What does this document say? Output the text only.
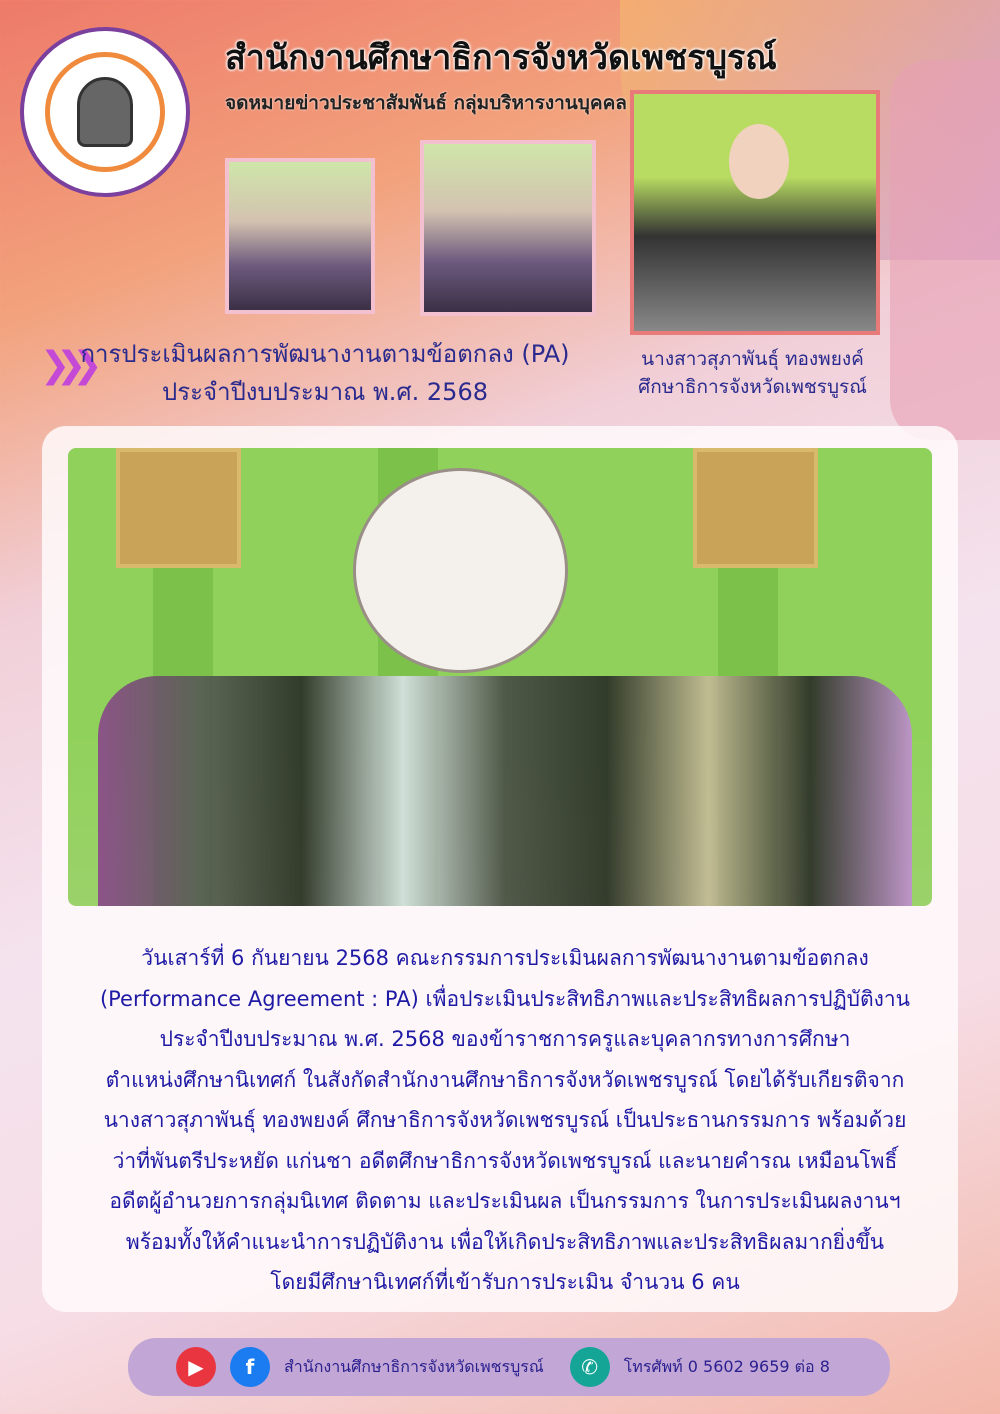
สำนักงานศึกษาธิการจังหวัดเพชรบูรณ์
จดหมายข่าวประชาสัมพันธ์ กลุ่มบริหารงานบุคคล
❯❯❯
การประเมินผลการพัฒนางานตามข้อตกลง (PA)
ประจำปีงบประมาณ พ.ศ. 2568
นางสาวสุภาพันธุ์ ทองพยงค์
ศึกษาธิการจังหวัดเพชรบูรณ์
วันเสาร์ที่ 6 กันยายน 2568 คณะกรรมการประเมินผลการพัฒนางานตามข้อตกลง
(Performance Agreement : PA) เพื่อประเมินประสิทธิภาพและประสิทธิผลการปฏิบัติงาน
ประจำปีงบประมาณ พ.ศ. 2568 ของข้าราชการครูและบุคลากรทางการศึกษา
ตำแหน่งศึกษานิเทศก์ ในสังกัดสำนักงานศึกษาธิการจังหวัดเพชรบูรณ์ โดยได้รับเกียรติจาก
นางสาวสุภาพันธุ์ ทองพยงค์ ศึกษาธิการจังหวัดเพชรบูรณ์ เป็นประธานกรรมการ พร้อมด้วย
ว่าที่พันตรีประหยัด แก่นชา อดีตศึกษาธิการจังหวัดเพชรบูรณ์ และนายคำรณ เหมือนโพธิ์
อดีตผู้อำนวยการกลุ่มนิเทศ ติดตาม และประเมินผล เป็นกรรมการ ในการประเมินผลงานฯ
พร้อมทั้งให้คำแนะนำการปฏิบัติงาน เพื่อให้เกิดประสิทธิภาพและประสิทธิผลมากยิ่งขึ้น
โดยมีศึกษานิเทศก์ที่เข้ารับการประเมิน จำนวน 6 คน
▶	f	สำนักงานศึกษาธิการจังหวัดเพชรบูรณ์	✆	โทรศัพท์ 0 5602 9659 ต่อ 8
